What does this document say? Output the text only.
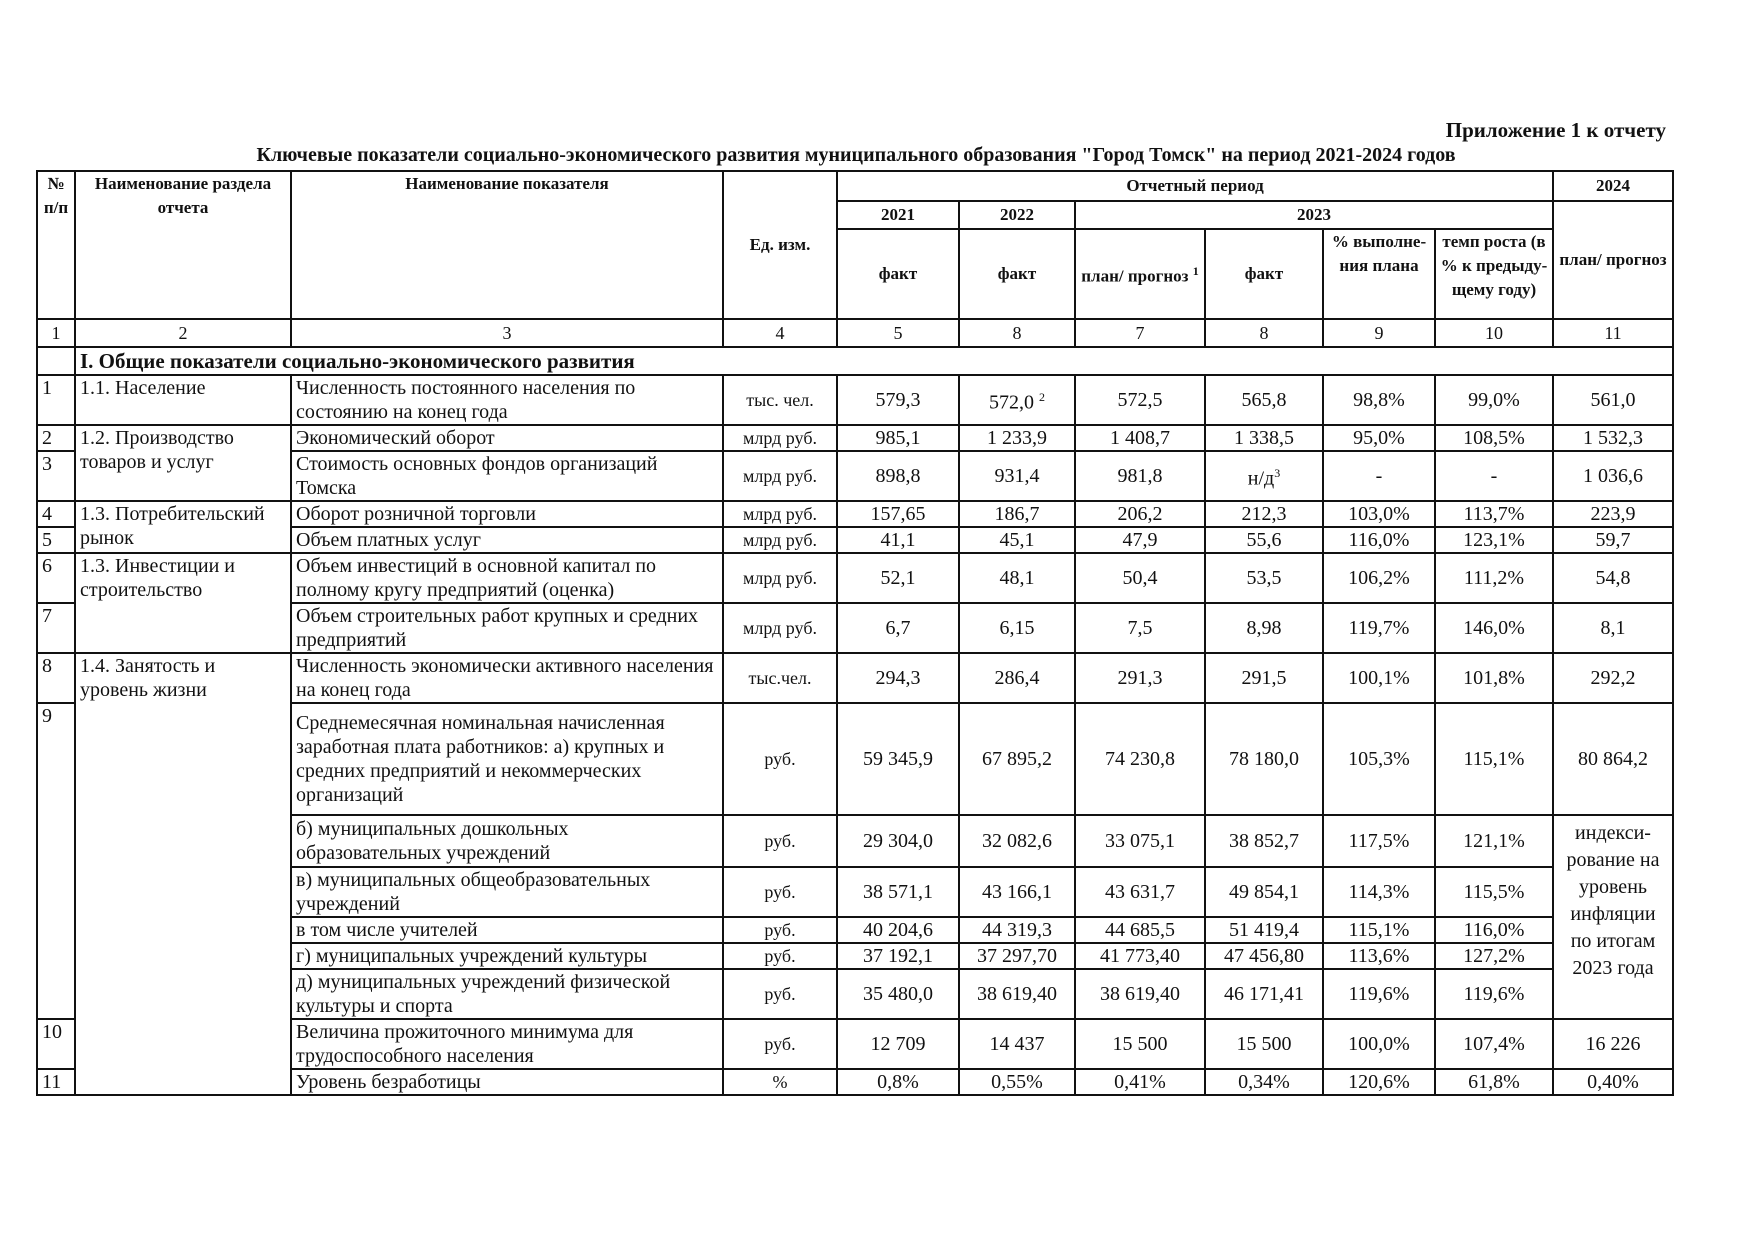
Приложение 1 к отчету
Ключевые показатели социально-экономического развития муниципального образования "Город Томск" на период 2021-2024 годов
№ п/п	Наименование раздела отчета	Наименование показателя	Ед. изм.	Отчетный период						2024
				2021	2022	2023				план/ прогноз
				факт	факт	план/ прогноз $^1$	факт	% выполне-ния плана	темп роста (в % к предыду-щему году)	
1	2	3	4	5	8	7	8	9	10	11
	I. Общие показатели социально-экономического развития									
1	1.1. Население	Численность постоянного населения по состоянию на конец года	тыс. чел.	579,3	572,0 $^2$	572,5	565,8	98,8%	99,0%	561,0
2	1.2. Производство товаров и услуг	Экономический оборот	млрд руб.	985,1	1 233,9	1 408,7	1 338,5	95,0%	108,5%	1 532,3
3		Стоимость основных фондов организаций Томска	млрд руб.	898,8	931,4	981,8	$н/д^3$	-	-	1 036,6
4	1.3. Потребительский рынок	Оборот розничной торговли	млрд руб.	157,65	186,7	206,2	212,3	103,0%	113,7%	223,9
5		Объем платных услуг	млрд руб.	41,1	45,1	47,9	55,6	116,0%	123,1%	59,7
6	1.3. Инвестиции и строительство	Объем инвестиций в основной капитал по полному кругу предприятий (оценка)	млрд руб.	52,1	48,1	50,4	53,5	106,2%	111,2%	54,8
7		Объем строительных работ крупных и средних предприятий	млрд руб.	6,7	6,15	7,5	8,98	119,7%	146,0%	8,1
8	1.4. Занятость и уровень жизни	Численность экономически активного населения на конец года	тыс.чел.	294,3	286,4	291,3	291,5	100,1%	101,8%	292,2
9		Среднемесячная номинальная начисленная заработная плата работников: а) крупных и средних предприятий и некоммерческих организаций	руб.	59 345,9	67 895,2	74 230,8	78 180,0	105,3%	115,1%	80 864,2
		б) муниципальных дошкольных образовательных учреждений	руб.	29 304,0	32 082,6	33 075,1	38 852,7	117,5%	121,1%	индекси-рование на уровень инфляции по итогам 2023 года
		в) муниципальных общеобразовательных учреждений	руб.	38 571,1	43 166,1	43 631,7	49 854,1	114,3%	115,5%	
		в том числе учителей	руб.	40 204,6	44 319,3	44 685,5	51 419,4	115,1%	116,0%	
		г) муниципальных учреждений культуры	руб.	37 192,1	37 297,70	41 773,40	47 456,80	113,6%	127,2%	
		д) муниципальных учреждений физической культуры и спорта	руб.	35 480,0	38 619,40	38 619,40	46 171,41	119,6%	119,6%	
10		Величина прожиточного минимума для трудоспособного населения	руб.	12 709	14 437	15 500	15 500	100,0%	107,4%	16 226
11		Уровень безработицы	%	0,8%	0,55%	0,41%	0,34%	120,6%	61,8%	0,40%
